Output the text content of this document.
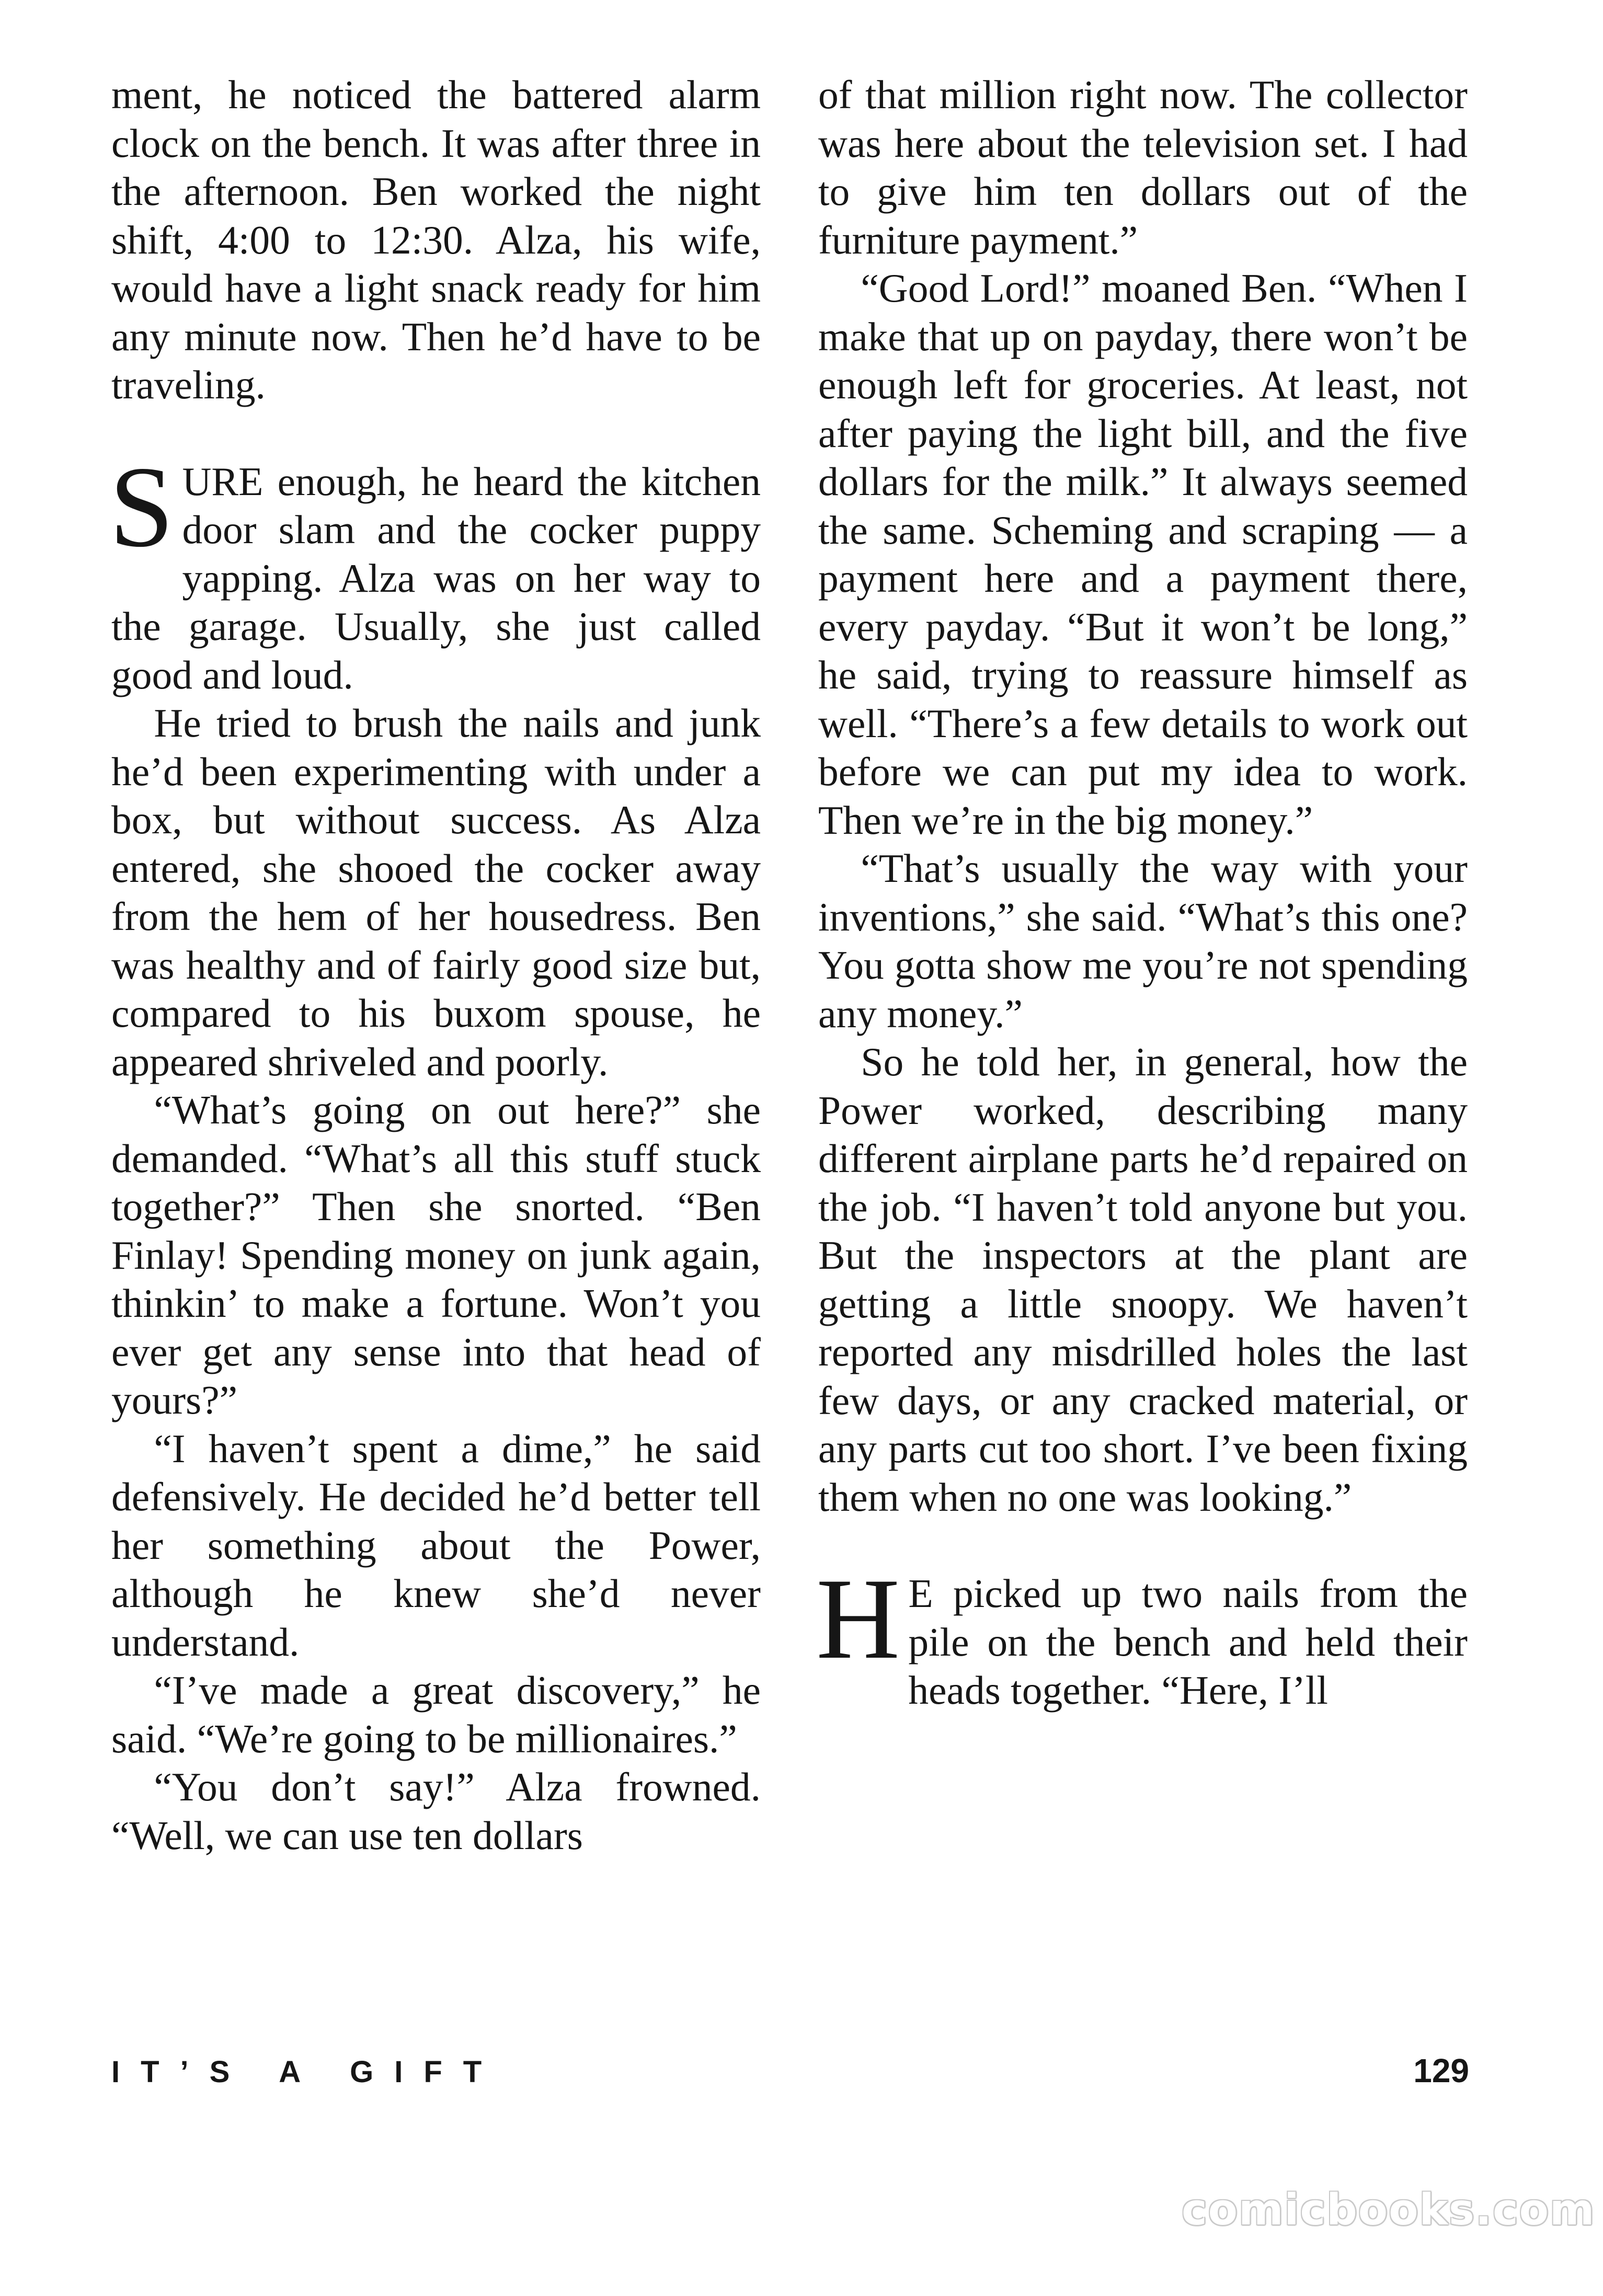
ment, he noticed the battered alarm clock on the bench. It was after three in the afternoon. Ben worked the night shift, 4:00 to 12:30. Alza, his wife, would have a light snack ready for him any minute now. Then he’d have to be traveling.

SURE enough, he heard the kitchen door slam and the cocker puppy yapping. Alza was on her way to the garage. Usually, she just called good and loud.

He tried to brush the nails and junk he’d been experimenting with under a box, but without success. As Alza entered, she shooed the cocker away from the hem of her housedress. Ben was healthy and of fairly good size but, compared to his buxom spouse, he appeared shriveled and poorly.

“What’s going on out here?” she demanded. “What’s all this stuff stuck together?” Then she snorted. “Ben Finlay! Spending money on junk again, thinkin’ to make a fortune. Won’t you ever get any sense into that head of yours?”

“I haven’t spent a dime,” he said defensively. He decided he’d better tell her something about the Power, although he knew she’d never understand.

“I’ve made a great discovery,” he said. “We’re going to be millionaires.”

“You don’t say!” Alza frowned. “Well, we can use ten dollars

of that million right now. The collector was here about the television set. I had to give him ten dollars out of the furniture payment.”

“Good Lord!” moaned Ben. “When I make that up on payday, there won’t be enough left for groceries. At least, not after paying the light bill, and the five dollars for the milk.” It always seemed the same. Scheming and scraping — a payment here and a payment there, every payday. “But it won’t be long,” he said, trying to reassure himself as well. “There’s a few details to work out before we can put my idea to work. Then we’re in the big money.”

“That’s usually the way with your inventions,” she said. “What’s this one? You gotta show me you’re not spending any money.”

So he told her, in general, how the Power worked, describing many different airplane parts he’d repaired on the job. “I haven’t told anyone but you. But the inspectors at the plant are getting a little snoopy. We haven’t reported any misdrilled holes the last few days, or any cracked material, or any parts cut too short. I’ve been fixing them when no one was looking.”

H E picked up two nails from the pile on the bench and held their heads together. “Here, I’ll

IT’S A GIFT	129
comicbooks.com
